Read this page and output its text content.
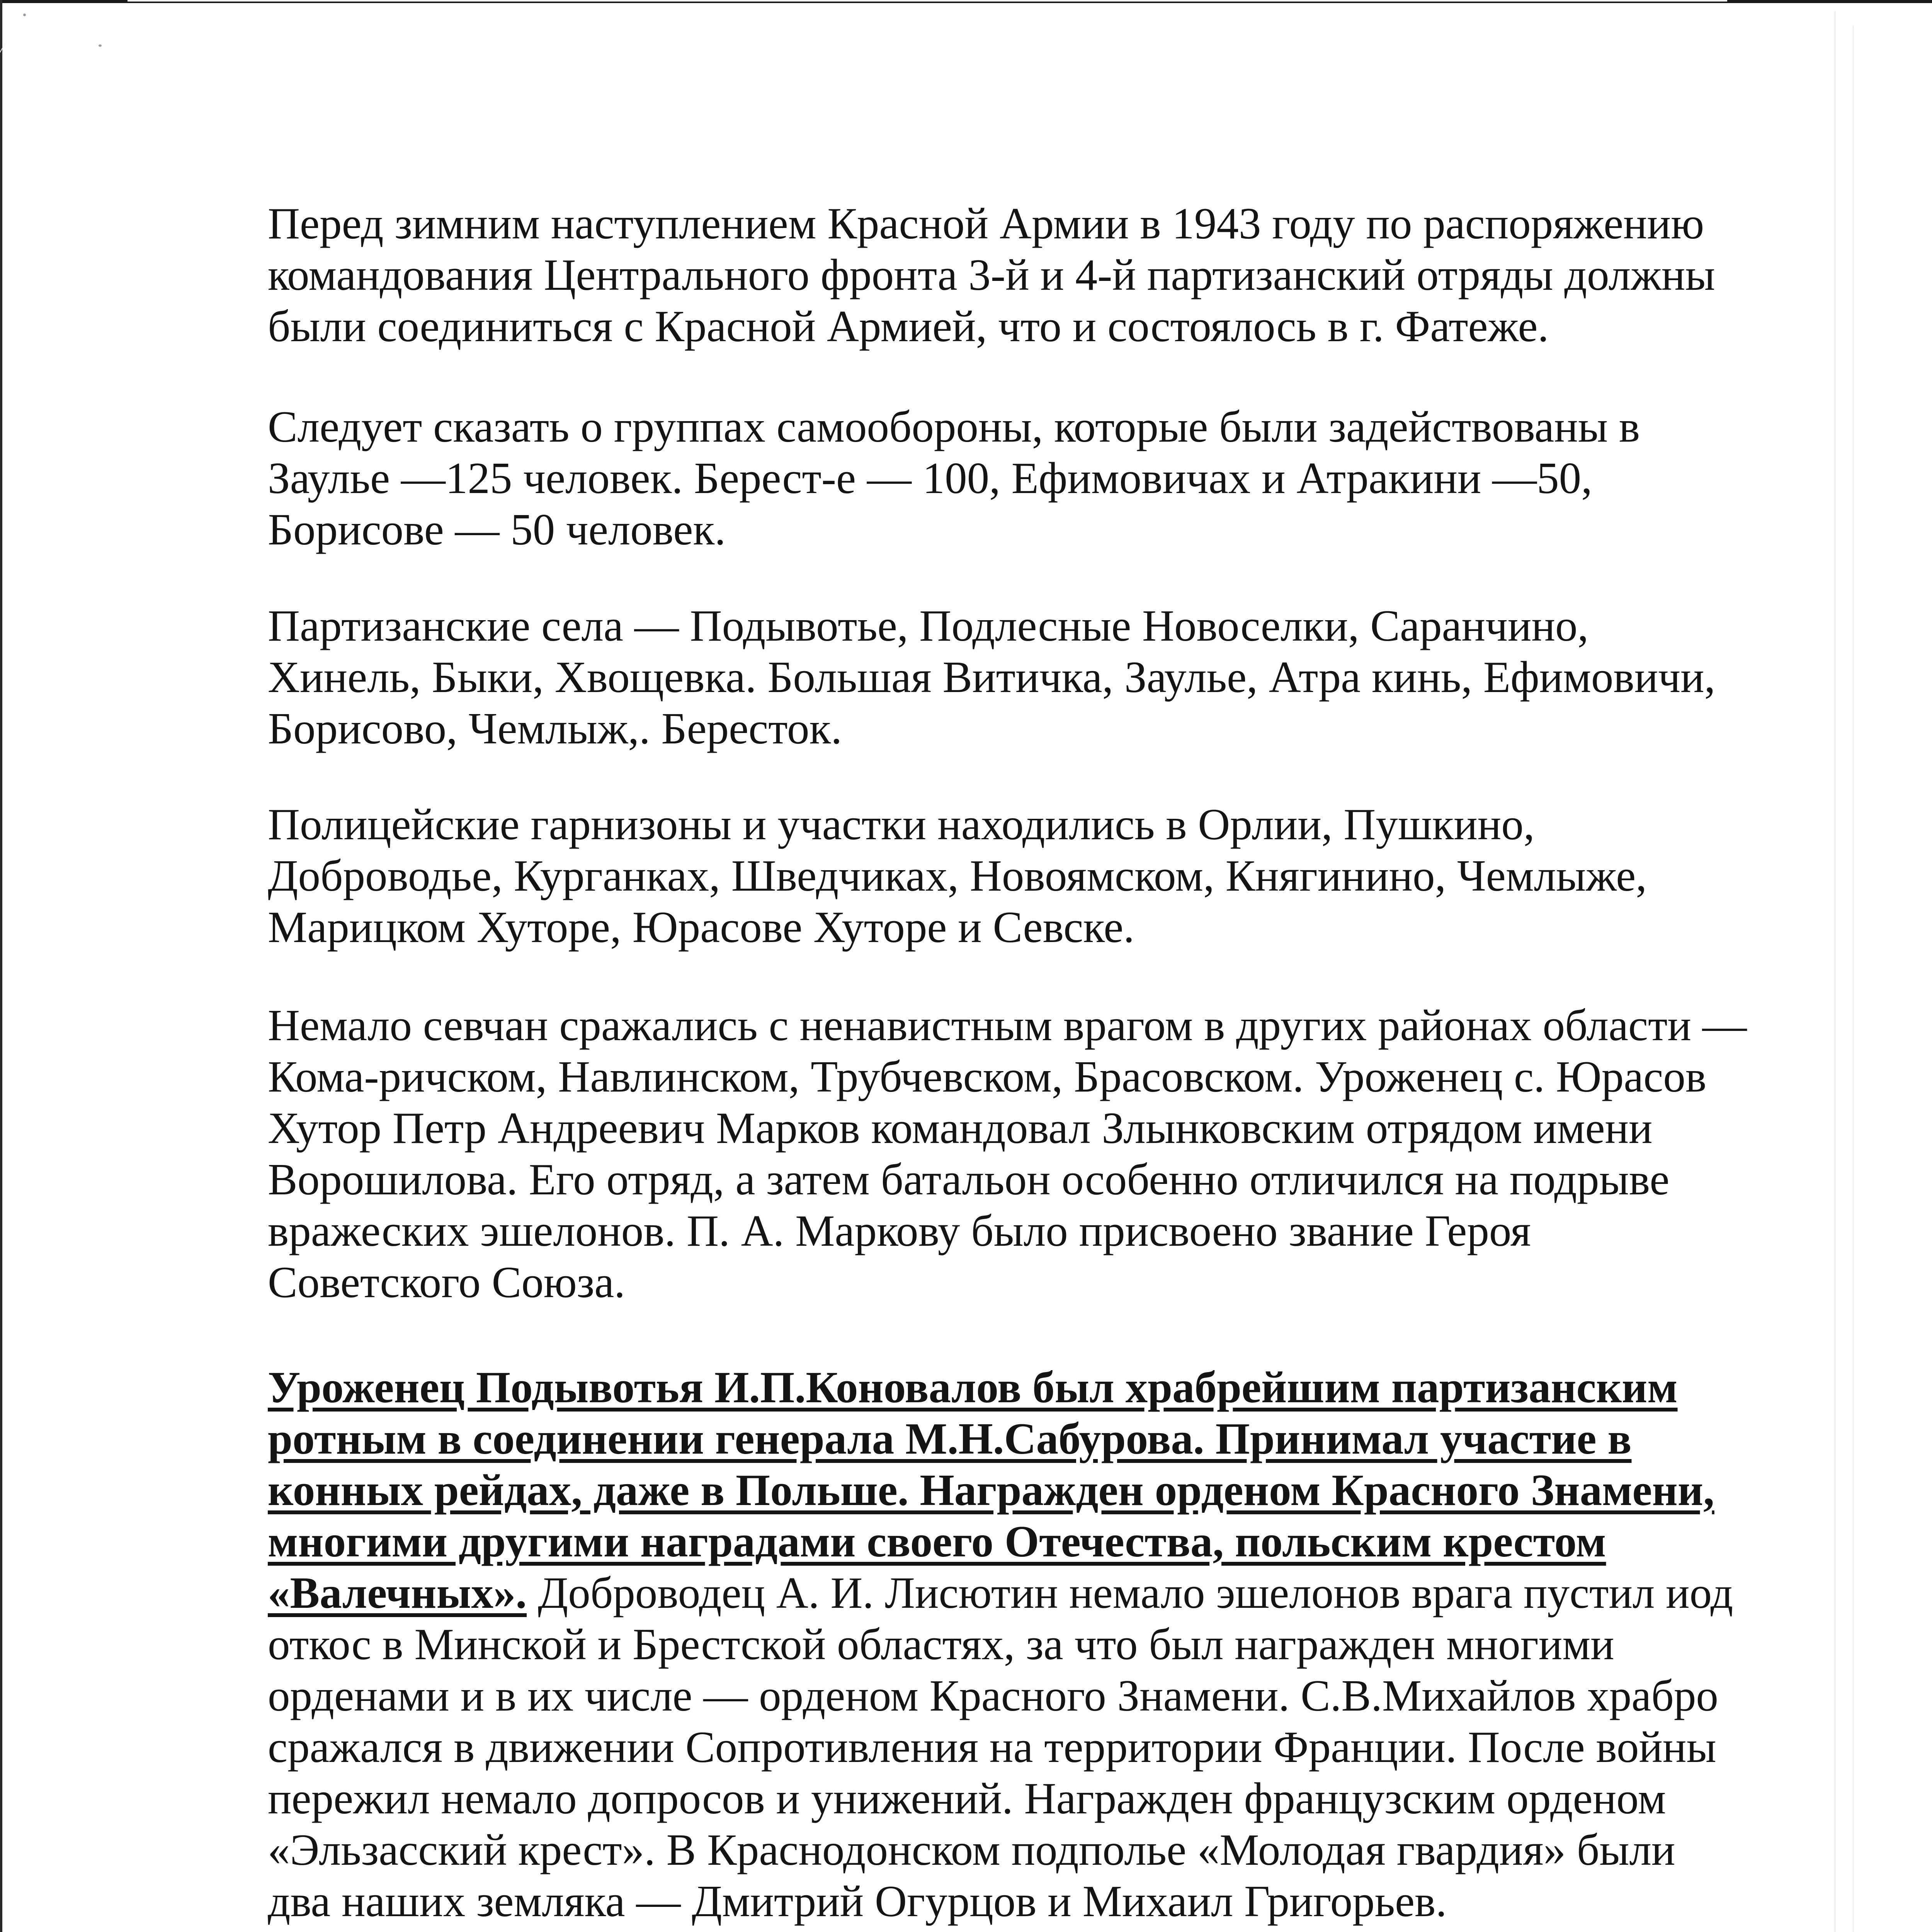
Перед зимним наступлением Красной Армии в 1943 году по распоряжению
командования Центрального фронта 3-й и 4-й партизанский отряды должны
были соединиться с Красной Армией, что и состоялось в г. Фатеже.
Следует сказать о группах самообороны, которые были задействованы в
Заулье —125 человек. Берест-е — 100, Ефимовичах и Атракини —50,
Борисове — 50 человек.
Партизанские села — Подывотье, Подлесные Новоселки, Саранчино,
Хинель, Быки, Хвощевка. Большая Витичка, Заулье, Атра кинь, Ефимовичи,
Борисово, Чемлыж,. Береcток.
Полицейские гарнизоны и участки находились в Орлии, Пушкино,
Доброводье, Курганках, Шведчиках, Новоямском, Княгинино, Чемлыже,
Марицком Хуторе, Юрасове Хуторе и Севске.
Немало севчан сражались с ненавистным врагом в других районах области —
Кома-ричском, Навлинском, Трубчевском, Брасовском. Уроженец с. Юрасов
Хутор Петр Андреевич Марков командовал Злынковским отрядом имени
Ворошилова. Его отряд, а затем батальон особенно отличился на подрыве
вражеских эшелонов. П. А. Маркову было присвоено звание Героя
Советского Союза.
Уроженец Подывотья И.П.Коновалов был храбрейшим партизанским
ротным в соединении генерала М.Н.Сабурова. Принимал участие в
конных рейдах, даже в Польше. Награжден орденом Красного Знамени,
многими другими наградами своего Отечества, польским крестом
«Валечных». Доброводец А. И. Лисютин немало эшелонов врага пустил иод
откос в Минской и Брестской областях, за что был награжден многими
орденами и в их числе — орденом Красного Знамени. С.В.Михайлов храбро
сражался в движении Сопротивления на территории Франции. После войны
пережил немало допросов и унижений. Награжден французским орденом
«Эльзасский крест». В Краснодонском подполье «Молодая гвардия» были
два наших земляка — Дмитрий Огурцов и Михаил Григорьев.
